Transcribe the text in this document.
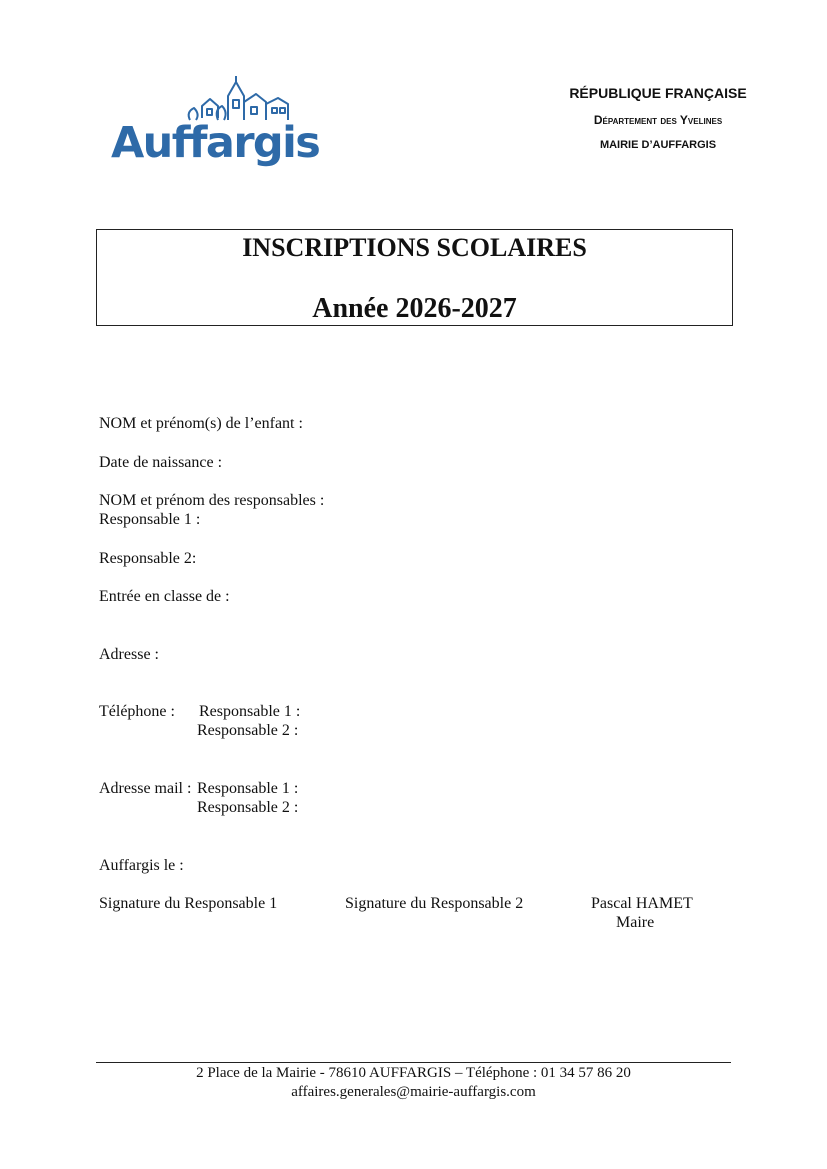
Auffargis
RÉPUBLIQUE FRANÇAISE
Département des Yvelines
MAIRIE D’AUFFARGIS
INSCRIPTIONS SCOLAIRES
Année 2026-2027
NOM et prénom(s) de l’enfant :
Date de naissance :
NOM et prénom des responsables :
Responsable 1 :
Responsable 2:
Entrée en classe de :
Adresse :
Téléphone : Responsable 1 :
Responsable 2 :
Adresse mail : Responsable 1 :
Responsable 2 :
Auffargis le :
Signature du Responsable 1	Signature du Responsable 2	Pascal HAMET
Maire
2 Place de la Mairie - 78610 AUFFARGIS – Téléphone : 01 34 57 86 20
affaires.generales@mairie-auffargis.com
